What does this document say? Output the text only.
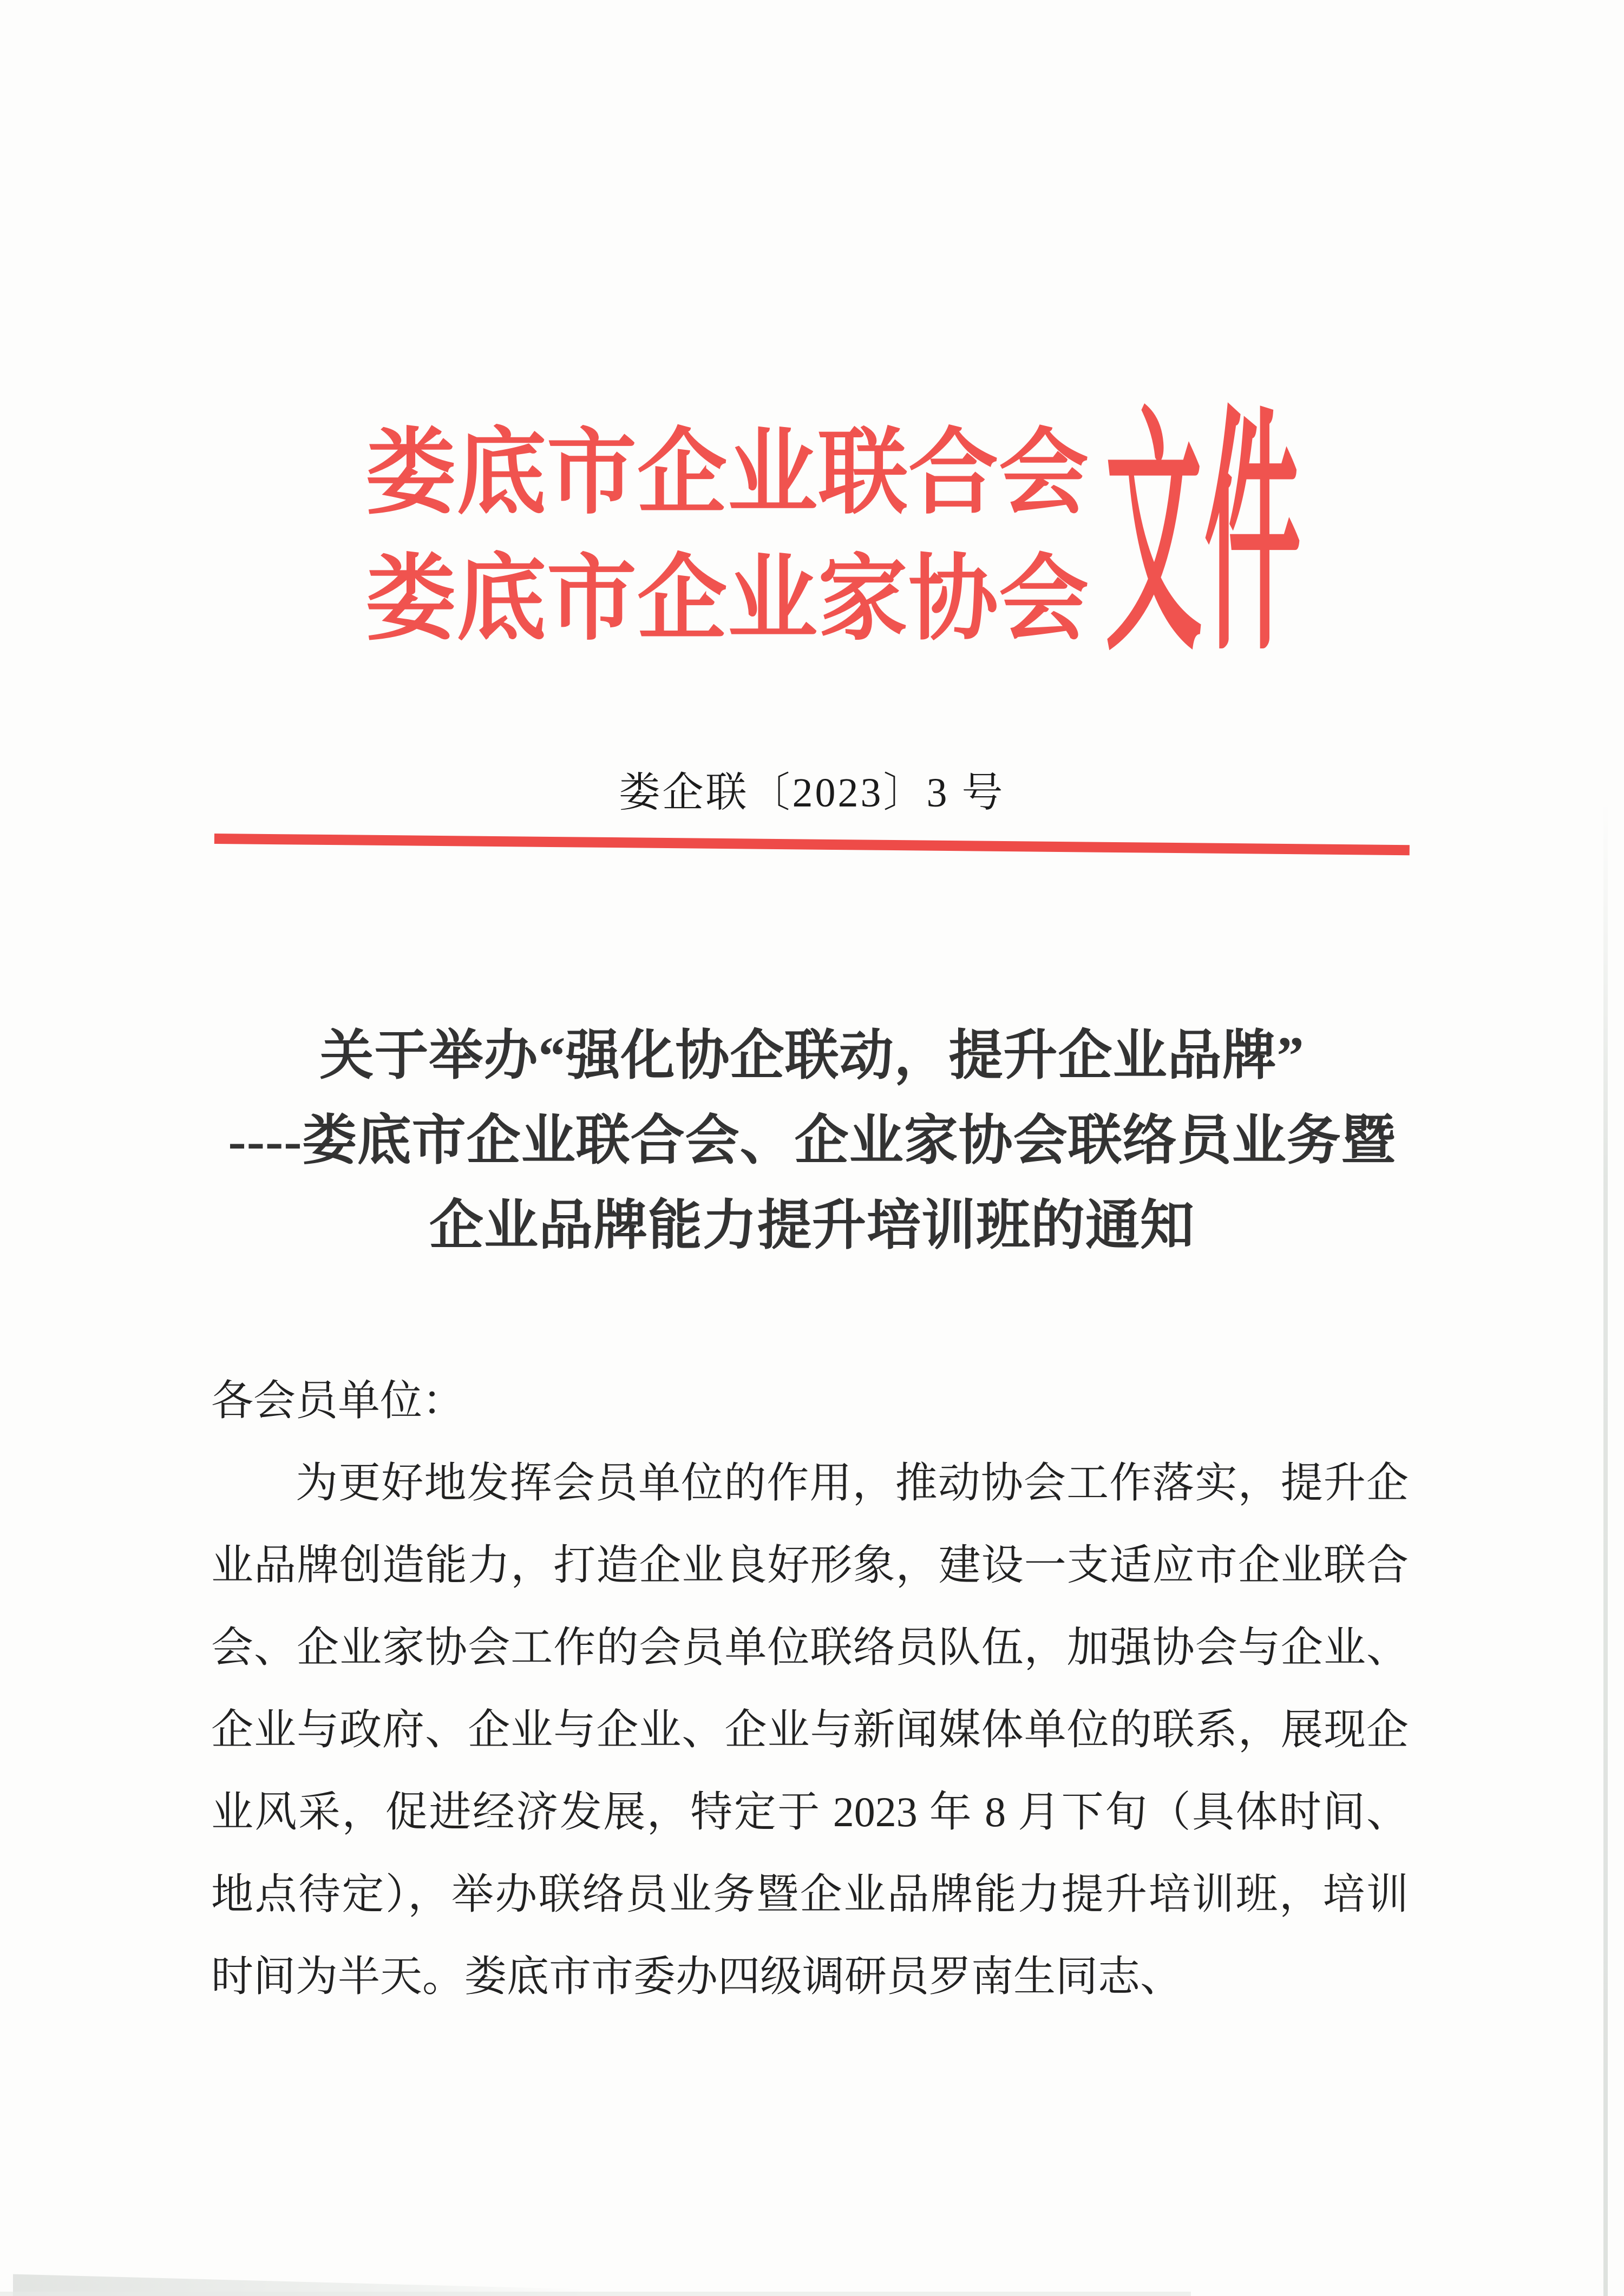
娄底市企业联合会
娄底市企业家协会 文件
娄企联〔2023〕3 号
关于举办“强化协企联动，提升企业品牌”
----娄底市企业联合会、企业家协会联络员业务暨
企业品牌能力提升培训班的通知
各会员单位：

为更好地发挥会员单位的作用，推动协会工作落实，提升企业品牌创造能力，打造企业良好形象，建设一支适应市企业联合会、企业家协会工作的会员单位联络员队伍，加强协会与企业、企业与政府、企业与企业、企业与新闻媒体单位的联系，展现企业风采，促进经济发展，特定于 2023 年 8 月下旬（具体时间、地点待定），举办联络员业务暨企业品牌能力提升培训班，培训时间为半天。娄底市市委办四级调研员罗南生同志、
